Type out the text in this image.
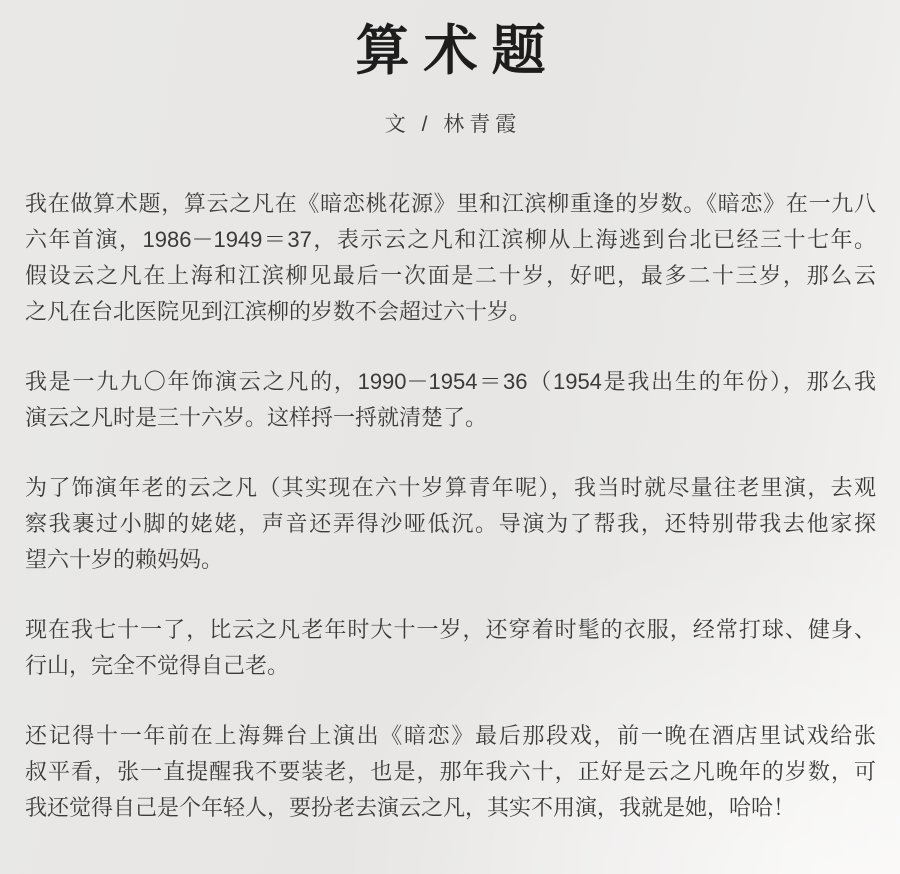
算术题
文 / 林青霞
我在做算术题，算云之凡在《暗恋桃花源》里和江滨柳重逢的岁数。《暗恋》在一九八
六年首演，1986－1949＝37，表示云之凡和江滨柳从上海逃到台北已经三十七年。
假设云之凡在上海和江滨柳见最后一次面是二十岁，好吧，最多二十三岁，那么云
之凡在台北医院见到江滨柳的岁数不会超过六十岁。
我是一九九〇年饰演云之凡的，1990－1954＝36（1954是我出生的年份），那么我
演云之凡时是三十六岁。这样捋一捋就清楚了。
为了饰演年老的云之凡（其实现在六十岁算青年呢），我当时就尽量往老里演，去观
察我裹过小脚的姥姥，声音还弄得沙哑低沉。导演为了帮我，还特别带我去他家探
望六十岁的赖妈妈。
现在我七十一了，比云之凡老年时大十一岁，还穿着时髦的衣服，经常打球、健身、
行山，完全不觉得自己老。
还记得十一年前在上海舞台上演出《暗恋》最后那段戏，前一晚在酒店里试戏给张
叔平看，张一直提醒我不要装老，也是，那年我六十，正好是云之凡晚年的岁数，可
我还觉得自己是个年轻人，要扮老去演云之凡，其实不用演，我就是她，哈哈！
